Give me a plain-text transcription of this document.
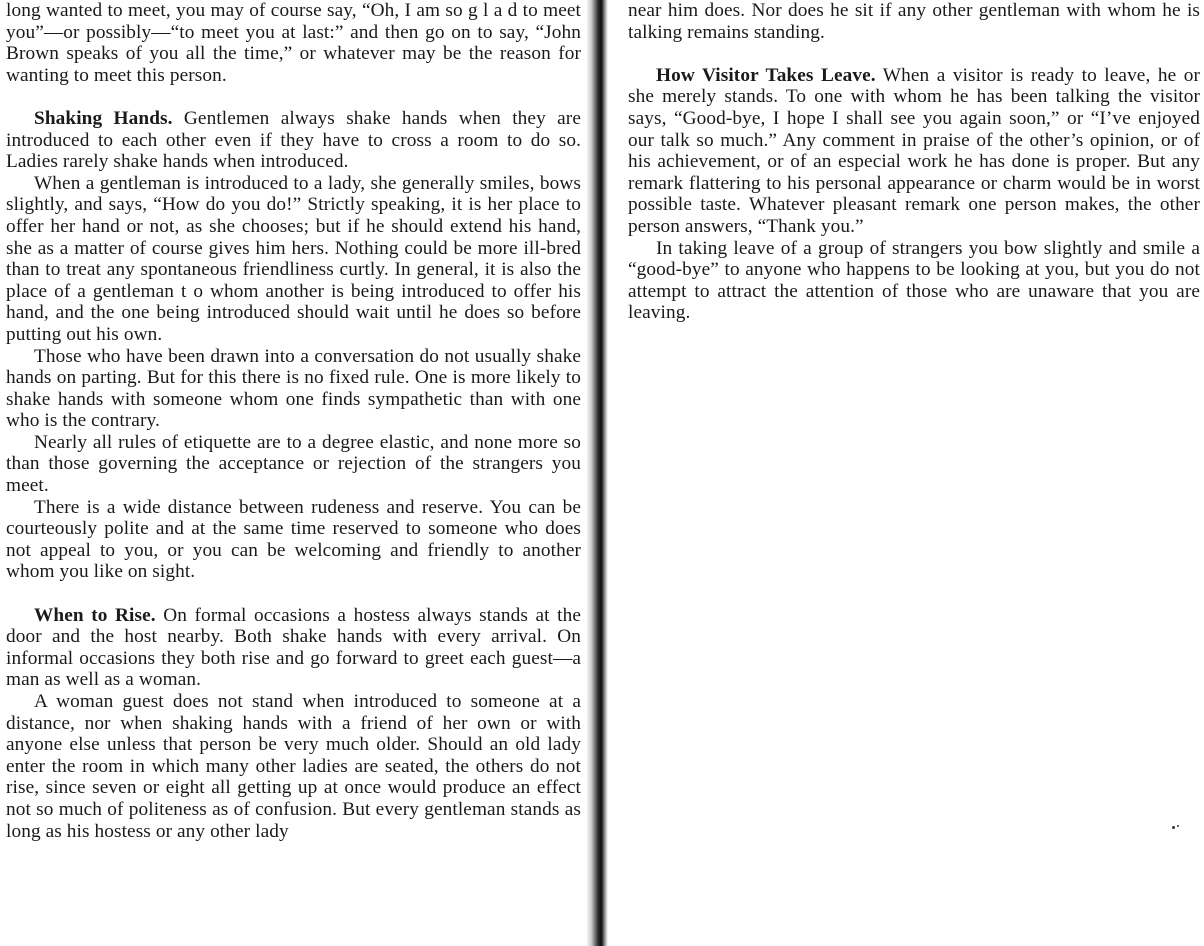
long wanted to meet, you may of course say, “Oh, I am so g l a d to meet you”—or possibly—“to meet you at last:” and then go on to say, “John Brown speaks of you all the time,” or whatever may be the reason for wanting to meet this person.

Shaking Hands. Gentlemen always shake hands when they are introduced to each other even if they have to cross a room to do so. Ladies rarely shake hands when introduced.

When a gentleman is introduced to a lady, she generally smiles, bows slightly, and says, “How do you do!” Strictly speaking, it is her place to offer her hand or not, as she chooses; but if he should extend his hand, she as a matter of course gives him hers. Nothing could be more ill-bred than to treat any spontaneous friendliness curtly. In general, it is also the place of a gentleman t o whom another is being introduced to offer his hand, and the one being introduced should wait until he does so before putting out his own.

Those who have been drawn into a conversation do not usually shake hands on parting. But for this there is no fixed rule. One is more likely to shake hands with someone whom one finds sympathetic than with one who is the contrary.

Nearly all rules of etiquette are to a degree elastic, and none more so than those governing the acceptance or rejection of the strangers you meet.

There is a wide distance between rudeness and reserve. You can be courteously polite and at the same time reserved to someone who does not appeal to you, or you can be welcoming and friendly to another whom you like on sight.

When to Rise. On formal occasions a hostess always stands at the door and the host nearby. Both shake hands with every arrival. On informal occasions they both rise and go forward to greet each guest—a man as well as a woman.

A woman guest does not stand when introduced to someone at a distance, nor when shaking hands with a friend of her own or with anyone else unless that person be very much older. Should an old lady enter the room in which many other ladies are seated, the others do not rise, since seven or eight all getting up at once would produce an effect not so much of politeness as of confusion. But every gentleman stands as long as his hostess or any other lady

near him does. Nor does he sit if any other gentleman with whom he is talking remains standing.

How Visitor Takes Leave. When a visitor is ready to leave, he or she merely stands. To one with whom he has been talking the visitor says, “Good-bye, I hope I shall see you again soon,” or “I’ve enjoyed our talk so much.” Any comment in praise of the other’s opinion, or of his achievement, or of an especial work he has done is proper. But any remark flattering to his personal appearance or charm would be in worst possible taste. Whatever pleasant remark one person makes, the other person answers, “Thank you.”

In taking leave of a group of strangers you bow slightly and smile a “good-bye” to anyone who happens to be looking at you, but you do not attempt to attract the attention of those who are unaware that you are leaving.
